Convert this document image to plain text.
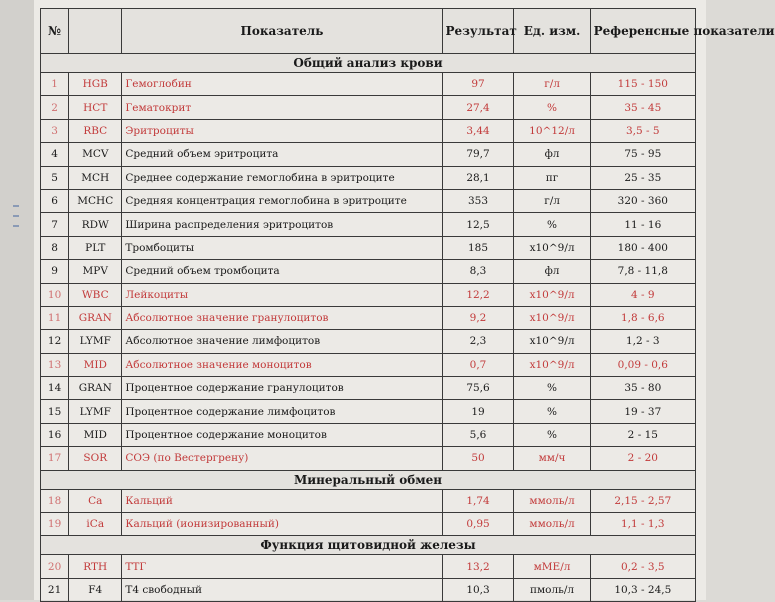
№		Показатель	Результат	Ед. изм.	Референсные показатели
Общий анализ крови					
1	HGB	Гемоглобин	97	г/л	115 - 150
2	HCT	Гематокрит	27,4	%	35 - 45
3	RBC	Эритроциты	3,44	10^12/л	3,5 - 5
4	MCV	Средний объем эритроцита	79,7	фл	75 - 95
5	MCH	Среднее содержание гемоглобина в эритроците	28,1	пг	25 - 35
6	MCHC	Средняя концентрация гемоглобина в эритроците	353	г/л	320 - 360
7	RDW	Ширина распределения эритроцитов	12,5	%	11 - 16
8	PLT	Тромбоциты	185	x10^9/л	180 - 400
9	MPV	Средний объем тромбоцита	8,3	фл	7,8 - 11,8
10	WBC	Лейкоциты	12,2	x10^9/л	4 - 9
11	GRAN	Абсолютное значение гранулоцитов	9,2	x10^9/л	1,8 - 6,6
12	LYMF	Абсолютное значение лимфоцитов	2,3	x10^9/л	1,2 - 3
13	MID	Абсолютное значение моноцитов	0,7	x10^9/л	0,09 - 0,6
14	GRAN	Процентное содержание гранулоцитов	75,6	%	35 - 80
15	LYMF	Процентное содержание лимфоцитов	19	%	19 - 37
16	MID	Процентное содержание моноцитов	5,6	%	2 - 15
17	SOR	СОЭ (по Вестергрену)	50	мм/ч	2 - 20
Минеральный обмен					
18	Ca	Кальций	1,74	ммоль/л	2,15 - 2,57
19	iCa	Кальций (ионизированный)	0,95	ммоль/л	1,1 - 1,3
Функция щитовидной железы					
20	RTH	ТТГ	13,2	мМЕ/л	0,2 - 3,5
21	F4	Т4 свободный	10,3	пмоль/л	10,3 - 24,5
